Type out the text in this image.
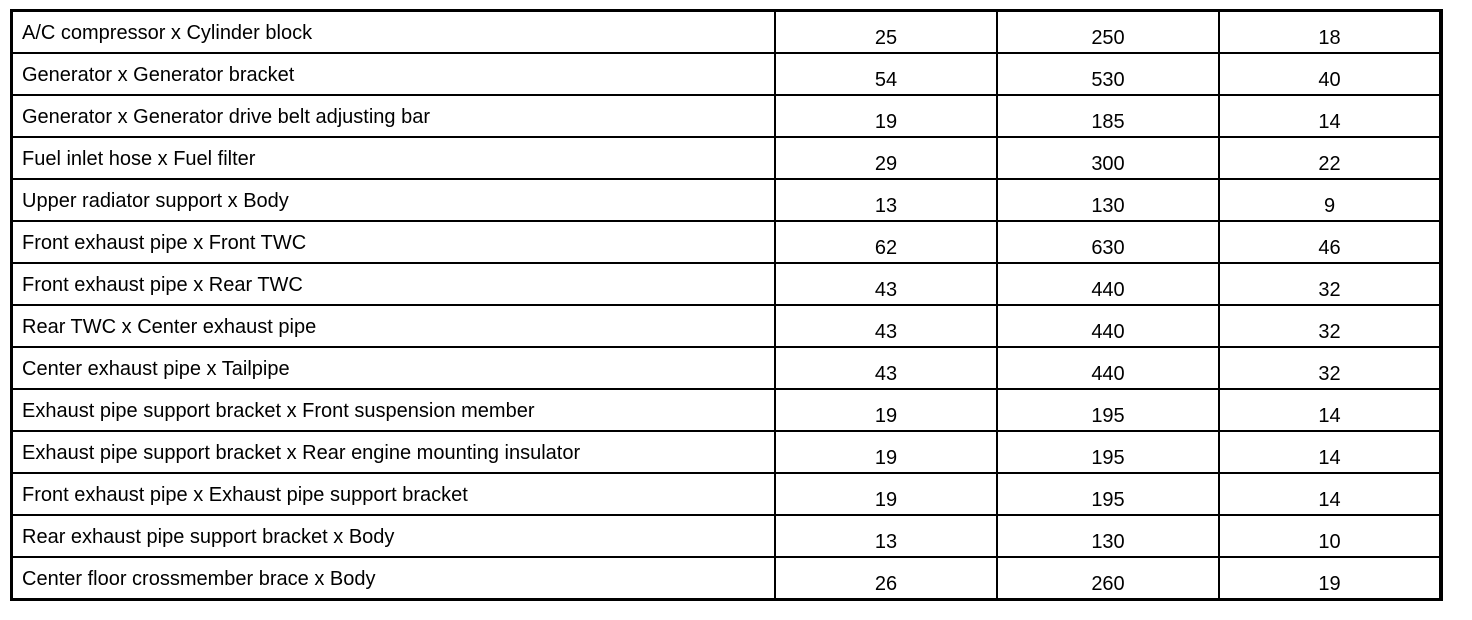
A/C compressor x Cylinder block	25	250	18
Generator x Generator bracket	54	530	40
Generator x Generator drive belt adjusting bar	19	185	14
Fuel inlet hose x Fuel filter	29	300	22
Upper radiator support x Body	13	130	9
Front exhaust pipe x Front TWC	62	630	46
Front exhaust pipe x Rear TWC	43	440	32
Rear TWC x Center exhaust pipe	43	440	32
Center exhaust pipe x Tailpipe	43	440	32
Exhaust pipe support bracket x Front suspension member	19	195	14
Exhaust pipe support bracket x Rear engine mounting insulator	19	195	14
Front exhaust pipe x Exhaust pipe support bracket	19	195	14
Rear exhaust pipe support bracket x Body	13	130	10
Center floor crossmember brace x Body	26	260	19
